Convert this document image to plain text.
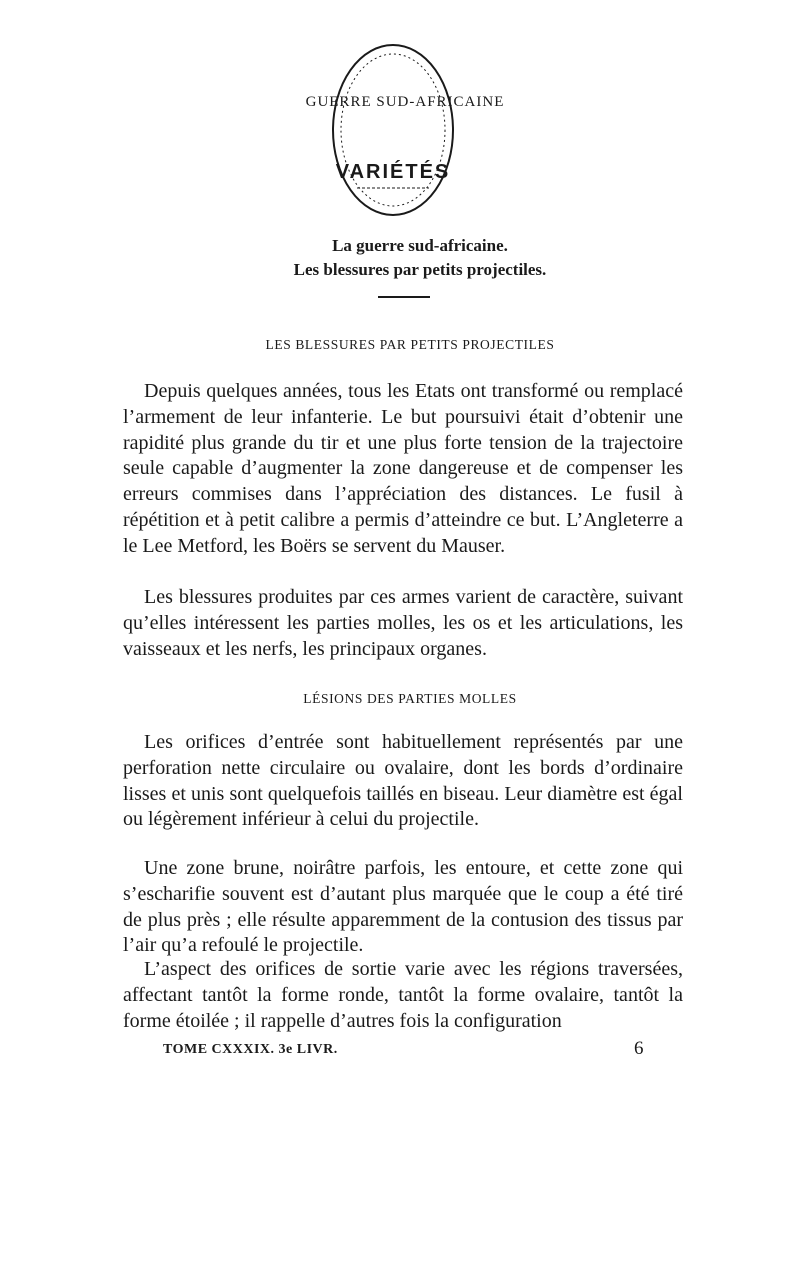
GUERRE SUD-AFRICAINE
VARIÉTÉS
La guerre sud-africaine.
Les blessures par petits projectiles.
LES BLESSURES PAR PETITS PROJECTILES

Depuis quelques années, tous les Etats ont transformé ou remplacé l’armement de leur infanterie. Le but poursuivi était d’obtenir une rapidité plus grande du tir et une plus forte tension de la trajectoire seule capable d’augmenter la zone dangereuse et de compenser les erreurs commises dans l’appréciation des distances. Le fusil à répétition et à petit calibre a permis d’atteindre ce but. L’Angleterre a le Lee Metford, les Boërs se servent du Mauser.

Les blessures produites par ces armes varient de caractère, suivant qu’elles intéressent les parties molles, les os et les articulations, les vaisseaux et les nerfs, les principaux organes.

LÉSIONS DES PARTIES MOLLES

Les orifices d’entrée sont habituellement représentés par une perforation nette circulaire ou ovalaire, dont les bords d’ordinaire lisses et unis sont quelquefois taillés en biseau. Leur diamètre est égal ou légèrement inférieur à celui du projectile.

Une zone brune, noirâtre parfois, les entoure, et cette zone qui s’escharifie souvent est d’autant plus marquée que le coup a été tiré de plus près ; elle résulte apparemment de la contusion des tissus par l’air qu’a refoulé le projectile.

L’aspect des orifices de sortie varie avec les régions traversées, affectant tantôt la forme ronde, tantôt la forme ovalaire, tantôt la forme étoilée ; il rappelle d’autres fois la configuration

TOME CXXXIX. 3e LIVR.	6
